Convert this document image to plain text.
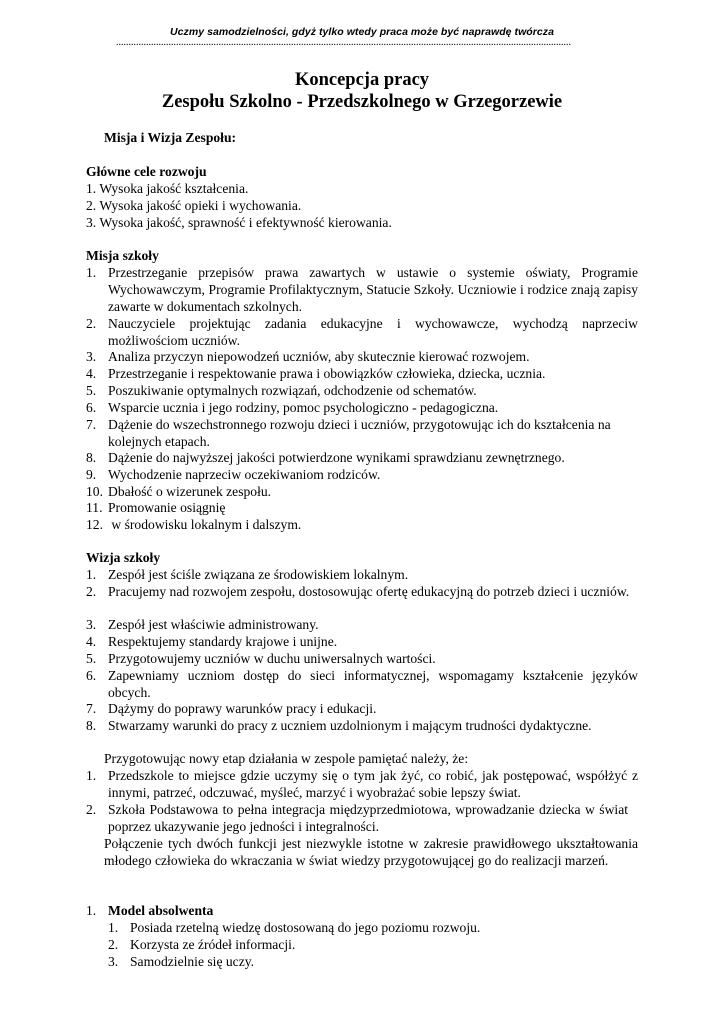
Uczmy samodzielności, gdyż tylko wtedy praca może być naprawdę twórcza
......................................................................................................................................................................................
Koncepcja pracy
Zespołu Szkolno - Przedszkolnego w Grzegorzewie
Misja i Wizja Zespołu:
Główne cele rozwoju
1. Wysoka jakość kształcenia.
2. Wysoka jakość opieki i wychowania.
3. Wysoka jakość, sprawność i efektywność kierowania.
Misja szkoły
1. Przestrzeganie przepisów prawa zawartych w ustawie o systemie oświaty, Programie Wychowawczym, Programie Profilaktycznym, Statucie Szkoły. Uczniowie i rodzice znają zapisy zawarte w dokumentach szkolnych.
2. Nauczyciele projektując zadania edukacyjne i wychowawcze, wychodzą naprzeciw możliwościom uczniów.
3. Analiza przyczyn niepowodzeń uczniów, aby skutecznie kierować rozwojem.
4. Przestrzeganie i respektowanie prawa i obowiązków człowieka, dziecka, ucznia.
5. Poszukiwanie optymalnych rozwiązań, odchodzenie od schematów.
6. Wsparcie ucznia i jego rodziny, pomoc psychologiczno - pedagogiczna.
7. Dążenie do wszechstronnego rozwoju dzieci i uczniów, przygotowując ich do kształcenia na kolejnych etapach.
8. Dążenie do najwyższej jakości potwierdzone wynikami sprawdzianu zewnętrznego.
9. Wychodzenie naprzeciw oczekiwaniom rodziców.
10. Dbałość o wizerunek zespołu.
11. Promowanie osiągnię
12. w środowisku lokalnym i dalszym.
Wizja szkoły
1. Zespół jest ściśle związana ze środowiskiem lokalnym.
2. Pracujemy nad rozwojem zespołu, dostosowując ofertę edukacyjną do potrzeb dzieci i uczniów.
3. Zespół jest właściwie administrowany.
4. Respektujemy standardy krajowe i unijne.
5. Przygotowujemy uczniów w duchu uniwersalnych wartości.
6. Zapewniamy uczniom dostęp do sieci informatycznej, wspomagamy kształcenie języków obcych.
7. Dążymy do poprawy warunków pracy i edukacji.
8. Stwarzamy warunki do pracy z uczniem uzdolnionym i mającym trudności dydaktyczne.
Przygotowując nowy etap działania w zespole pamiętać należy, że:
1. Przedszkole to miejsce gdzie uczymy się o tym jak żyć, co robić, jak postępować, współżyć z innymi, patrzeć, odczuwać, myśleć, marzyć i wyobrażać sobie lepszy świat.
2. Szkoła Podstawowa to pełna integracja międzyprzedmiotowa, wprowadzanie dziecka w świat poprzez ukazywanie jego jedności i integralności.
Połączenie tych dwóch funkcji jest niezwykle istotne w zakresie prawidłowego ukształtowania młodego człowieka do wkraczania w świat wiedzy przygotowującej go do realizacji marzeń.
1. Model absolwenta
1. Posiada rzetelną wiedzę dostosowaną do jego poziomu rozwoju.
2. Korzysta ze źródeł informacji.
3. Samodzielnie się uczy.
